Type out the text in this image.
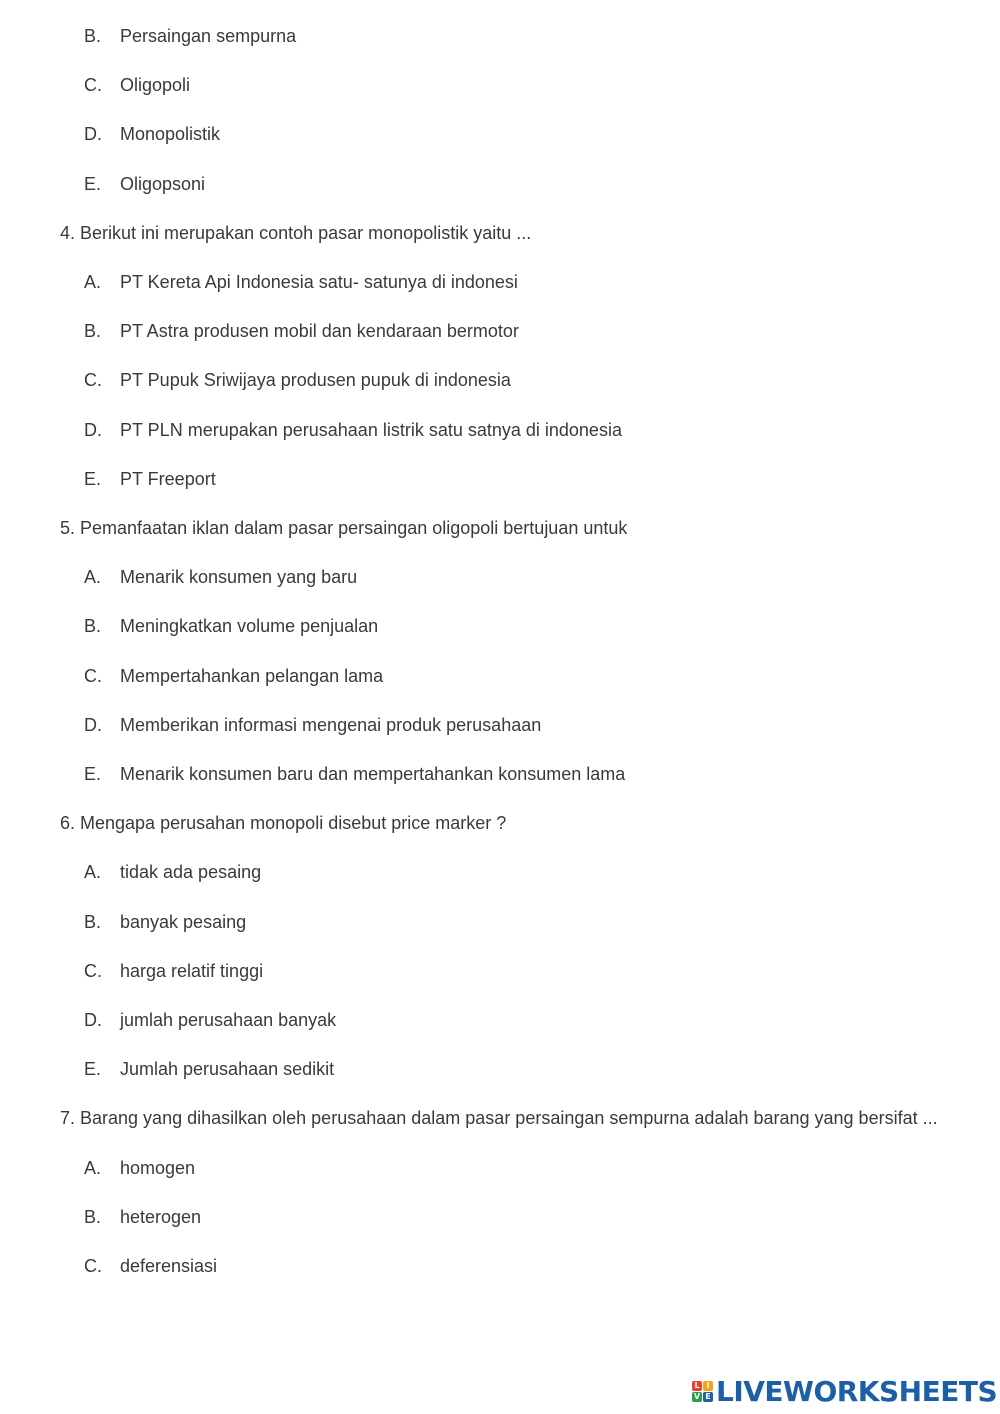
B. Persaingan sempurna
C. Oligopoli
D. Monopolistik
E. Oligopsoni
4. Berikut ini merupakan contoh pasar monopolistik yaitu ...
A. PT Kereta Api Indonesia satu- satunya di indonesi
B. PT Astra produsen mobil dan kendaraan bermotor
C. PT Pupuk Sriwijaya produsen pupuk di indonesia
D. PT PLN merupakan perusahaan listrik satu satnya di indonesia
E. PT Freeport
5. Pemanfaatan iklan dalam pasar persaingan oligopoli bertujuan untuk
A. Menarik konsumen yang baru
B. Meningkatkan volume penjualan
C. Mempertahankan pelangan lama
D. Memberikan informasi mengenai produk perusahaan
E. Menarik konsumen baru dan mempertahankan konsumen lama
6. Mengapa perusahan monopoli disebut price marker ?
A. tidak ada pesaing
B. banyak pesaing
C. harga relatif tinggi
D. jumlah perusahaan banyak
E. Jumlah perusahaan sedikit
7. Barang yang dihasilkan oleh perusahaan dalam pasar persaingan sempurna adalah barang yang bersifat ...
A. homogen
B. heterogen
C. deferensiasi
L I
V E LIVEWORKSHEETS
